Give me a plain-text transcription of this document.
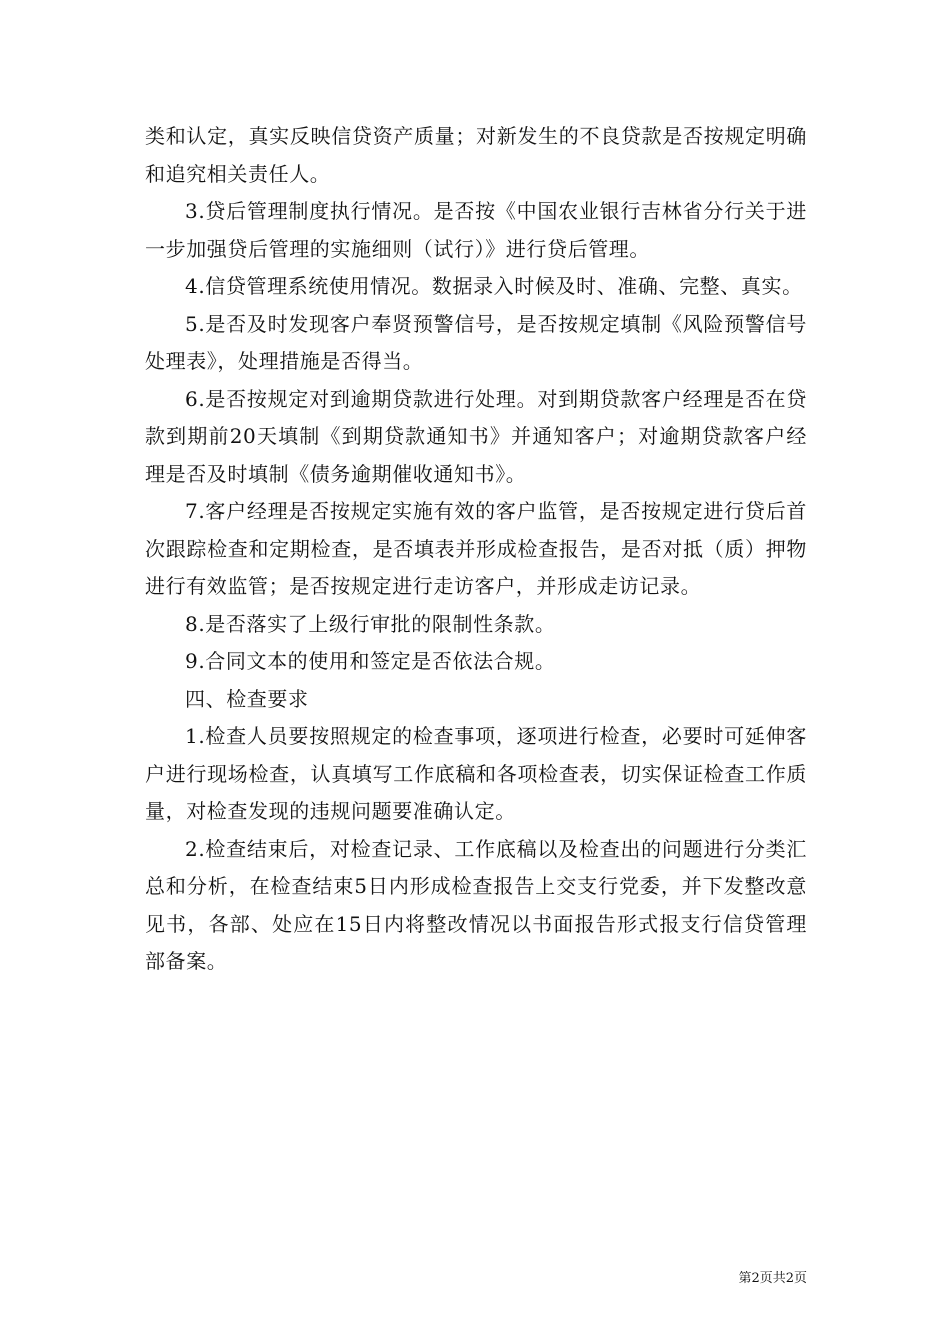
类和认定，真实反映信贷资产质量；对新发生的不良贷款是否按规定明确和追究相关责任人。

3.贷后管理制度执行情况。是否按《中国农业银行吉林省分行关于进一步加强贷后管理的实施细则（试行）》进行贷后管理。

4.信贷管理系统使用情况。数据录入时候及时、准确、完整、真实。

5.是否及时发现客户奉贤预警信号，是否按规定填制《风险预警信号处理表》，处理措施是否得当。

6.是否按规定对到逾期贷款进行处理。对到期贷款客户经理是否在贷款到期前20天填制《到期贷款通知书》并通知客户；对逾期贷款客户经理是否及时填制《债务逾期催收通知书》。

7.客户经理是否按规定实施有效的客户监管，是否按规定进行贷后首次跟踪检查和定期检查，是否填表并形成检查报告，是否对抵（质）押物进行有效监管；是否按规定进行走访客户，并形成走访记录。

8.是否落实了上级行审批的限制性条款。

9.合同文本的使用和签定是否依法合规。

四、检查要求

1.检查人员要按照规定的检查事项，逐项进行检查，必要时可延伸客户进行现场检查，认真填写工作底稿和各项检查表，切实保证检查工作质量，对检查发现的违规问题要准确认定。

2.检查结束后，对检查记录、工作底稿以及检查出的问题进行分类汇总和分析，在检查结束5日内形成检查报告上交支行党委，并下发整改意见书，各部、处应在15日内将整改情况以书面报告形式报支行信贷管理部备案。

第2页共2页
